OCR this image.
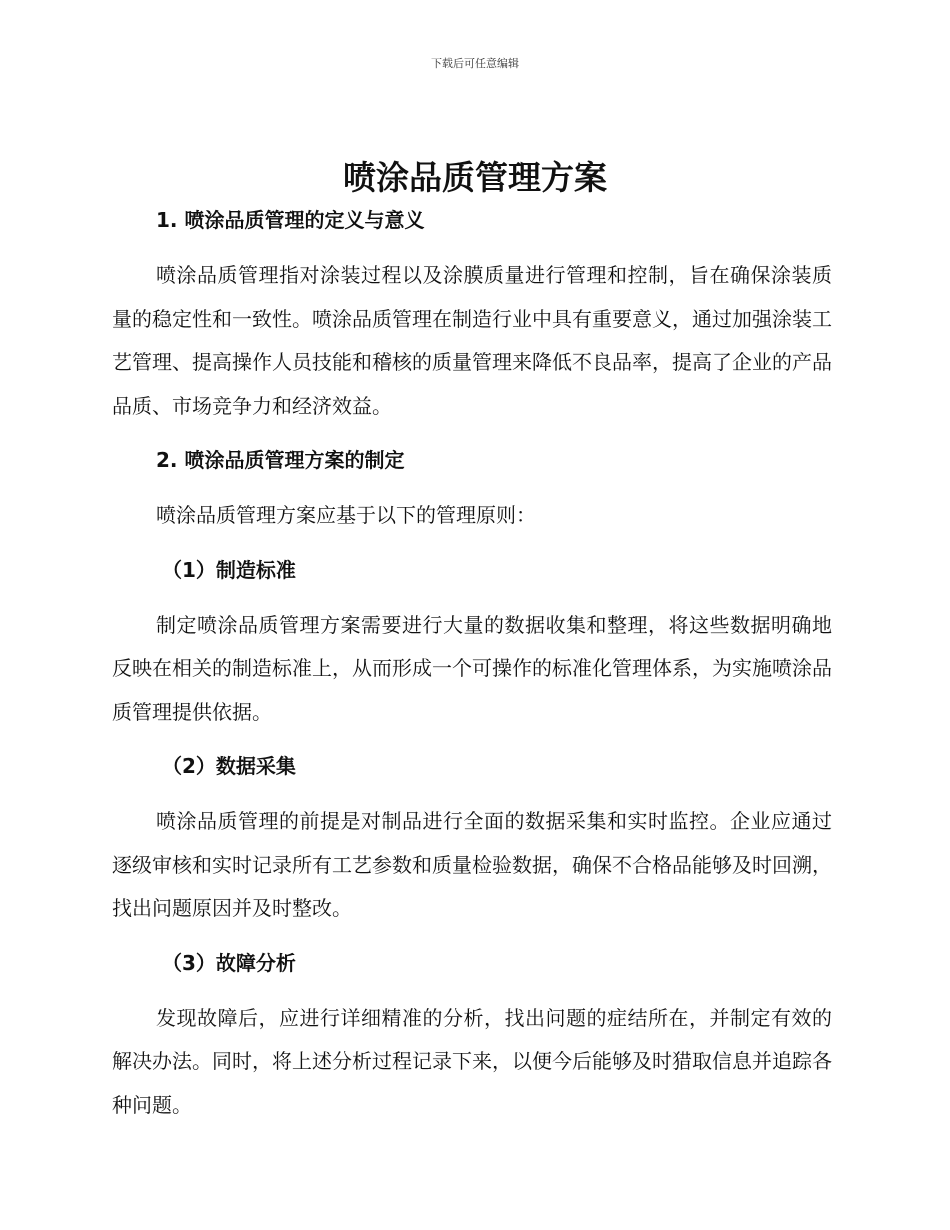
下载后可任意编辑
喷涂品质管理方案

1. 喷涂品质管理的定义与意义

喷涂品质管理指对涂装过程以及涂膜质量进行管理和控制，旨在确保涂装质量的稳定性和一致性。喷涂品质管理在制造行业中具有重要意义，通过加强涂装工艺管理、提高操作人员技能和稽核的质量管理来降低不良品率，提高了企业的产品品质、市场竞争力和经济效益。

2. 喷涂品质管理方案的制定

喷涂品质管理方案应基于以下的管理原则：

（1）制造标准

制定喷涂品质管理方案需要进行大量的数据收集和整理，将这些数据明确地反映在相关的制造标准上，从而形成一个可操作的标准化管理体系，为实施喷涂品质管理提供依据。

（2）数据采集

喷涂品质管理的前提是对制品进行全面的数据采集和实时监控。企业应通过逐级审核和实时记录所有工艺参数和质量检验数据，确保不合格品能够及时回溯，找出问题原因并及时整改。

（3）故障分析

发现故障后，应进行详细精准的分析，找出问题的症结所在，并制定有效的解决办法。同时，将上述分析过程记录下来，以便今后能够及时猎取信息并追踪各种问题。
